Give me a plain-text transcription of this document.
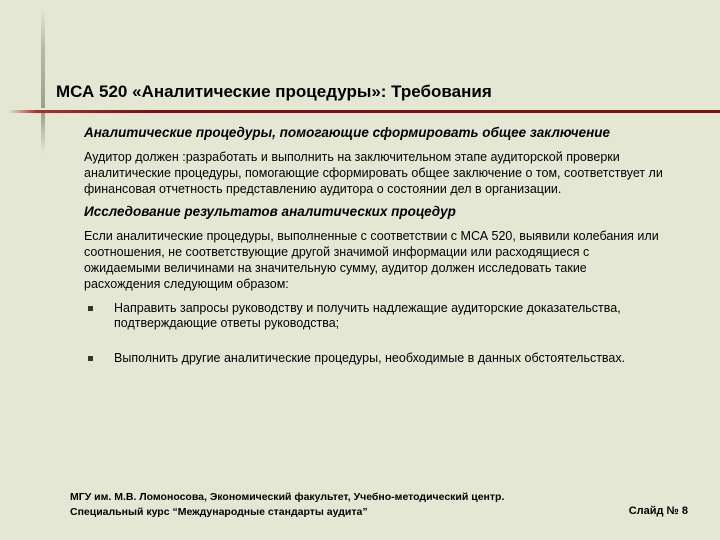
МСА 520 «Аналитические процедуры»: Требования

Аналитические процедуры, помогающие сформировать общее заключение

Аудитор должен :разработать и выполнить на заключительном этапе аудиторской проверки аналитические процедуры, помогающие сформировать общее заключение о том, соответствует ли финансовая отчетность представлению аудитора о состоянии дел в организации.

Исследование результатов аналитических процедур

Если аналитические процедуры, выполненные с соответствии с МСА 520, выявили колебания или соотношения, не соответствующие другой значимой информации или расходящиеся с ожидаемыми величинами на значительную сумму, аудитор должен исследовать такие расхождения следующим образом:

Направить запросы руководству и получить надлежащие аудиторские доказательства, подтверждающие ответы руководства;
Выполнить другие аналитические процедуры, необходимые в данных обстоятельствах.
МГУ им. М.В. Ломоносова, Экономический факультет, Учебно-методический центр. Специальный курс “Международные стандарты аудита”	Слайд № 8
